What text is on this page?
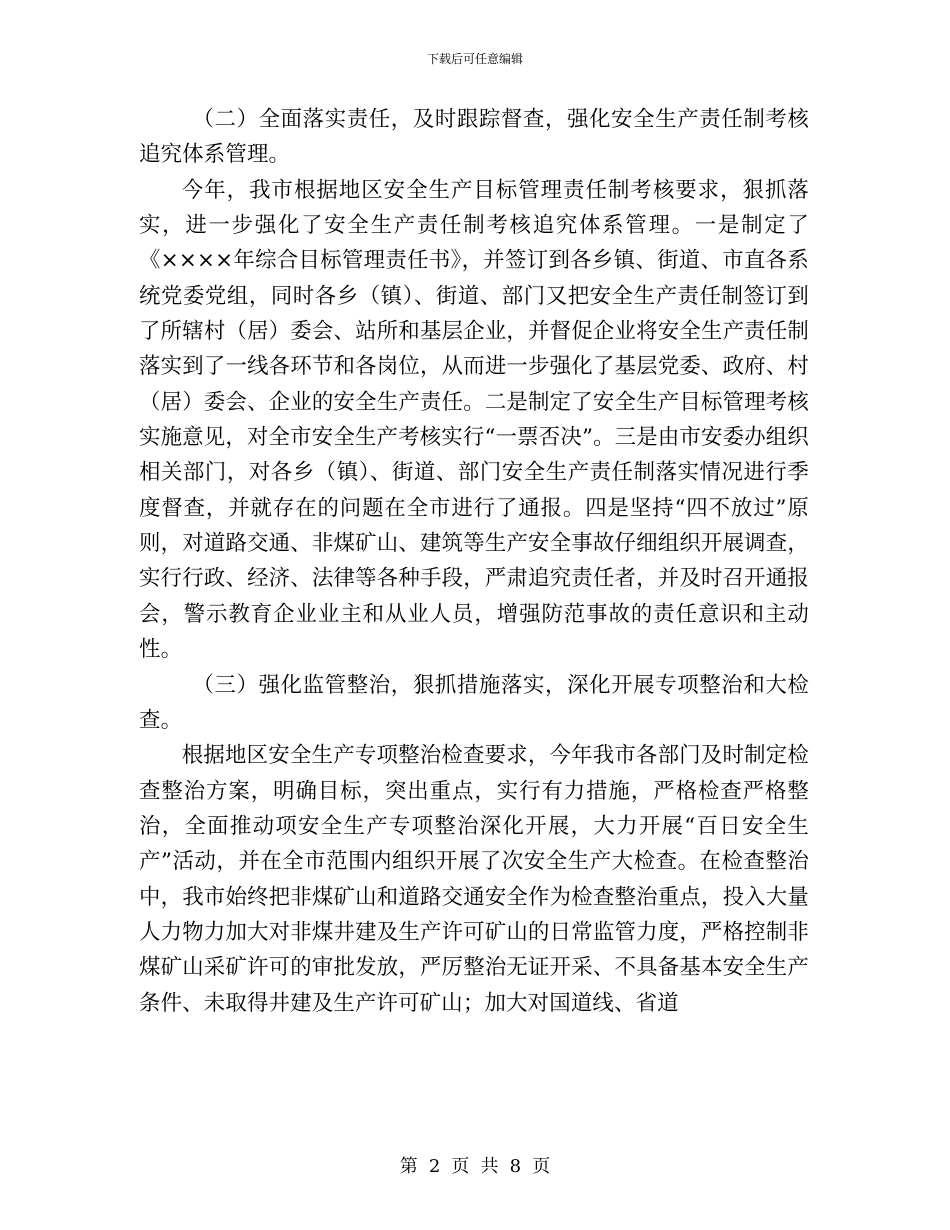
下载后可任意编辑

（二）全面落实责任，及时跟踪督查，强化安全生产责任制考核追究体系管理。

今年，我市根据地区安全生产目标管理责任制考核要求，狠抓落实，进一步强化了安全生产责任制考核追究体系管理。一是制定了《××××年综合目标管理责任书》，并签订到各乡镇、街道、市直各系统党委党组，同时各乡（镇）、街道、部门又把安全生产责任制签订到了所辖村（居）委会、站所和基层企业，并督促企业将安全生产责任制落实到了一线各环节和各岗位，从而进一步强化了基层党委、政府、村（居）委会、企业的安全生产责任。二是制定了安全生产目标管理考核实施意见，对全市安全生产考核实行“一票否决”。三是由市安委办组织相关部门，对各乡（镇）、街道、部门安全生产责任制落实情况进行季度督查，并就存在的问题在全市进行了通报。四是坚持“四不放过”原则，对道路交通、非煤矿山、建筑等生产安全事故仔细组织开展调查，实行行政、经济、法律等各种手段，严肃追究责任者，并及时召开通报会，警示教育企业业主和从业人员，增强防范事故的责任意识和主动性。

（三）强化监管整治，狠抓措施落实，深化开展专项整治和大检查。

根据地区安全生产专项整治检查要求，今年我市各部门及时制定检查整治方案，明确目标，突出重点，实行有力措施，严格检查严格整治，全面推动项安全生产专项整治深化开展，大力开展“百日安全生产”活动，并在全市范围内组织开展了次安全生产大检查。在检查整治中，我市始终把非煤矿山和道路交通安全作为检查整治重点，投入大量人力物力加大对非煤井建及生产许可矿山的日常监管力度，严格控制非煤矿山采矿许可的审批发放，严厉整治无证开采、不具备基本安全生产条件、未取得井建及生产许可矿山；加大对国道线、省道

第 2 页 共 8 页
